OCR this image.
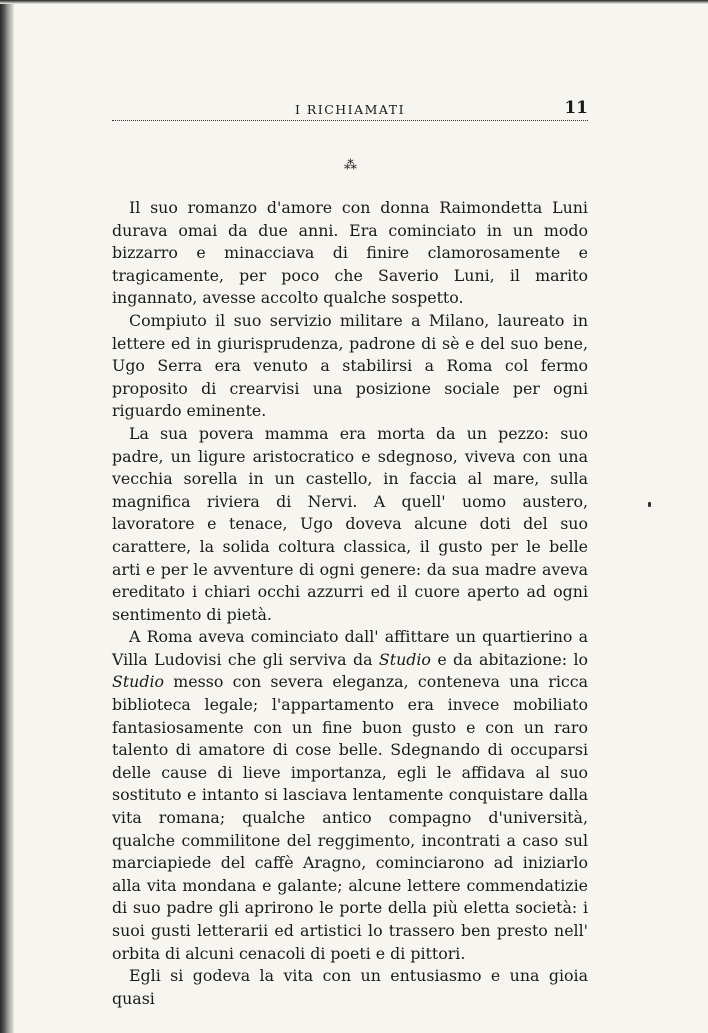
I RICHIAMATI	11
⁂

Il suo romanzo d'amore con donna Raimondetta Luni durava omai da due anni. Era cominciato in un modo bizzarro e minacciava di finire clamorosamente e tragicamente, per poco che Saverio Luni, il marito ingannato, avesse accolto qualche sospetto.

Compiuto il suo servizio militare a Milano, laureato in lettere ed in giurisprudenza, padrone di sè e del suo bene, Ugo Serra era venuto a stabilirsi a Roma col fermo proposito di crearvisi una posizione sociale per ogni riguardo eminente.

La sua povera mamma era morta da un pezzo: suo padre, un ligure aristocratico e sdegnoso, viveva con una vecchia sorella in un castello, in faccia al mare, sulla magnifica riviera di Nervi. A quell' uomo austero, lavoratore e tenace, Ugo doveva alcune doti del suo carattere, la solida coltura classica, il gusto per le belle arti e per le avventure di ogni genere: da sua madre aveva ereditato i chiari occhi azzurri ed il cuore aperto ad ogni sentimento di pietà.

A Roma aveva cominciato dall' affittare un quartierino a Villa Ludovisi che gli serviva da Studio e da abitazione: lo Studio messo con severa eleganza, conteneva una ricca biblioteca legale; l'appartamento era invece mobiliato fantasiosamente con un fine buon gusto e con un raro talento di amatore di cose belle. Sdegnando di occuparsi delle cause di lieve importanza, egli le affidava al suo sostituto e intanto si lasciava lentamente conquistare dalla vita romana; qualche antico compagno d'università, qualche commilitone del reggimento, incontrati a caso sul marciapiede del caffè Aragno, cominciarono ad iniziarlo alla vita mondana e galante; alcune lettere commendatizie di suo padre gli aprirono le porte della più eletta società: i suoi gusti letterarii ed artistici lo trassero ben presto nell' orbita di alcuni cenacoli di poeti e di pittori.

Egli si godeva la vita con un entusiasmo e una gioia quasi
